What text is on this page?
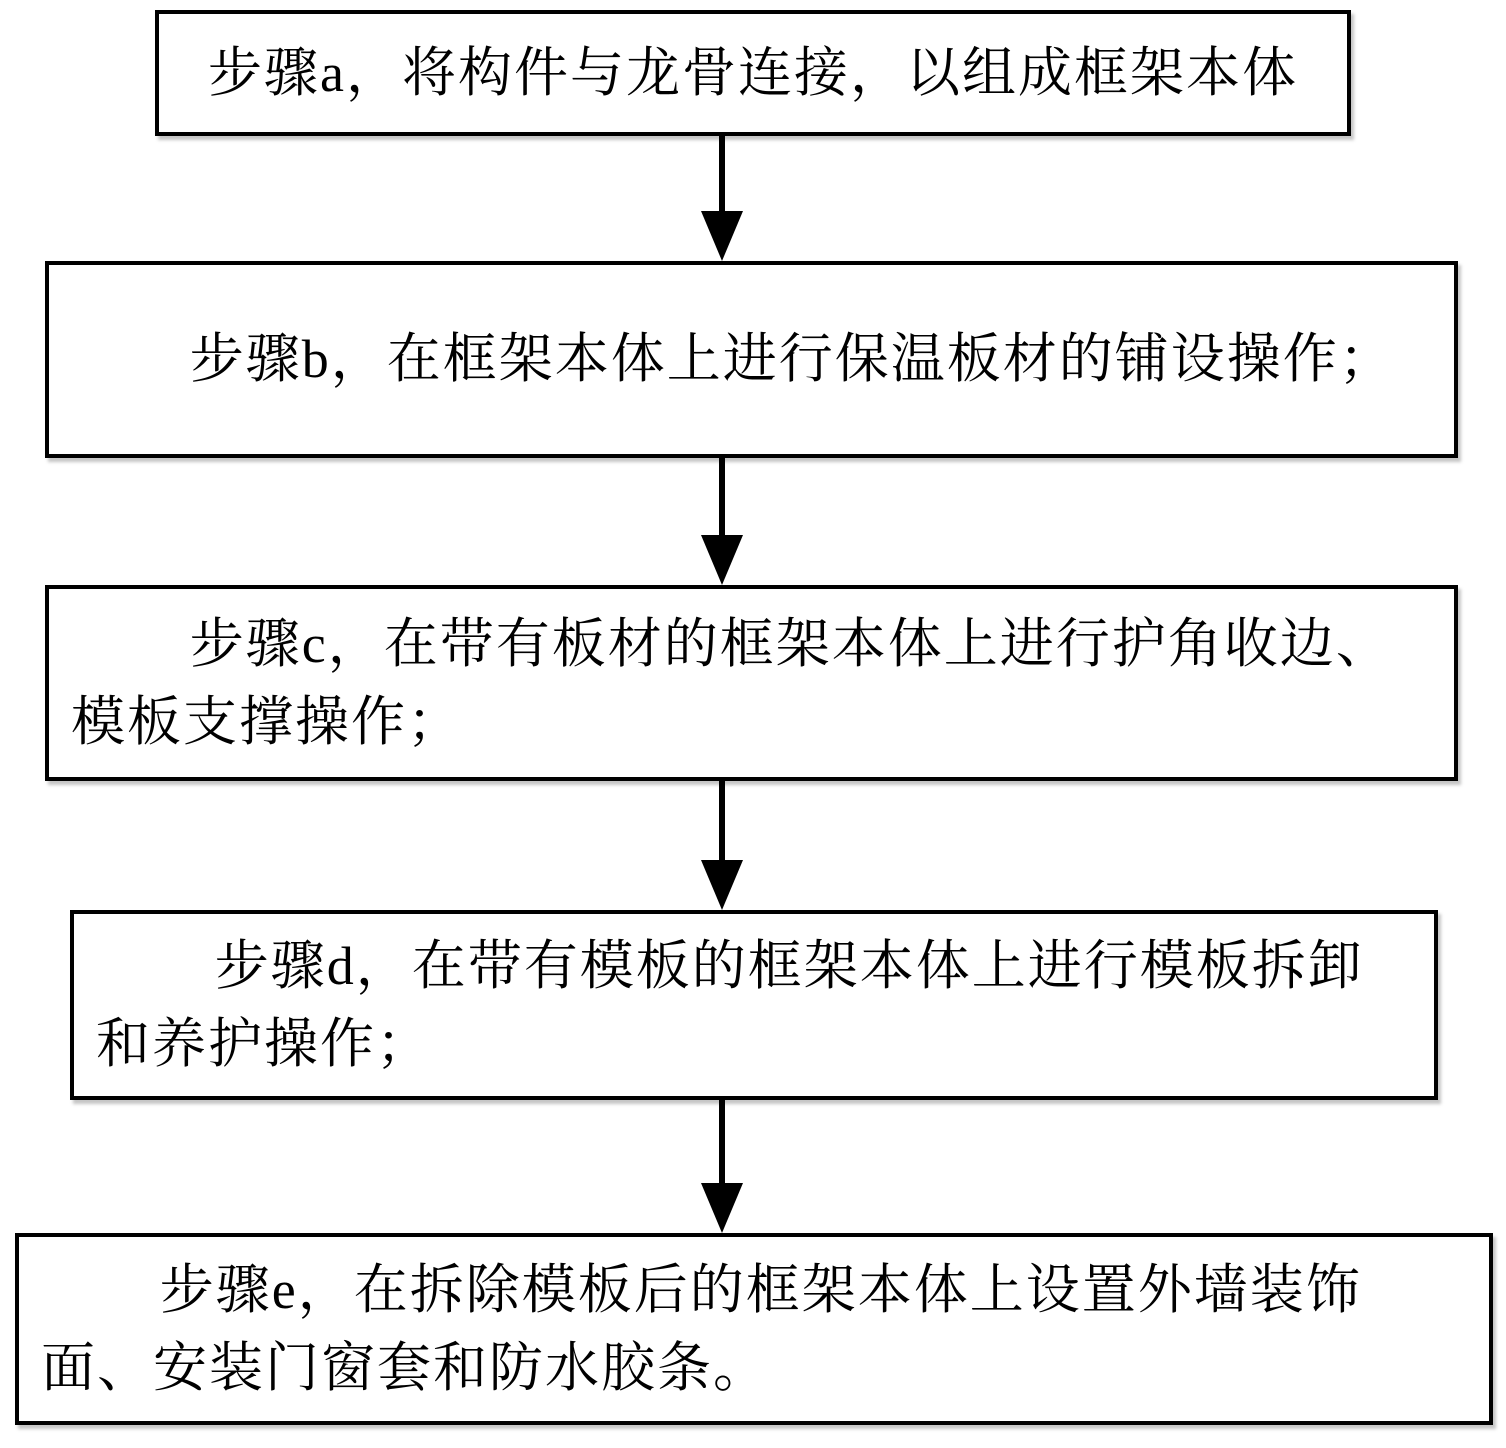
步骤a，将构件与龙骨连接，以组成框架本体

步骤b，在框架本体上进行保温板材的铺设操作；

步骤c，在带有板材的框架本体上进行护角收边、模板支撑操作；

步骤d，在带有模板的框架本体上进行模板拆卸和养护操作；

步骤e，在拆除模板后的框架本体上设置外墙装饰面、安装门窗套和防水胶条。
